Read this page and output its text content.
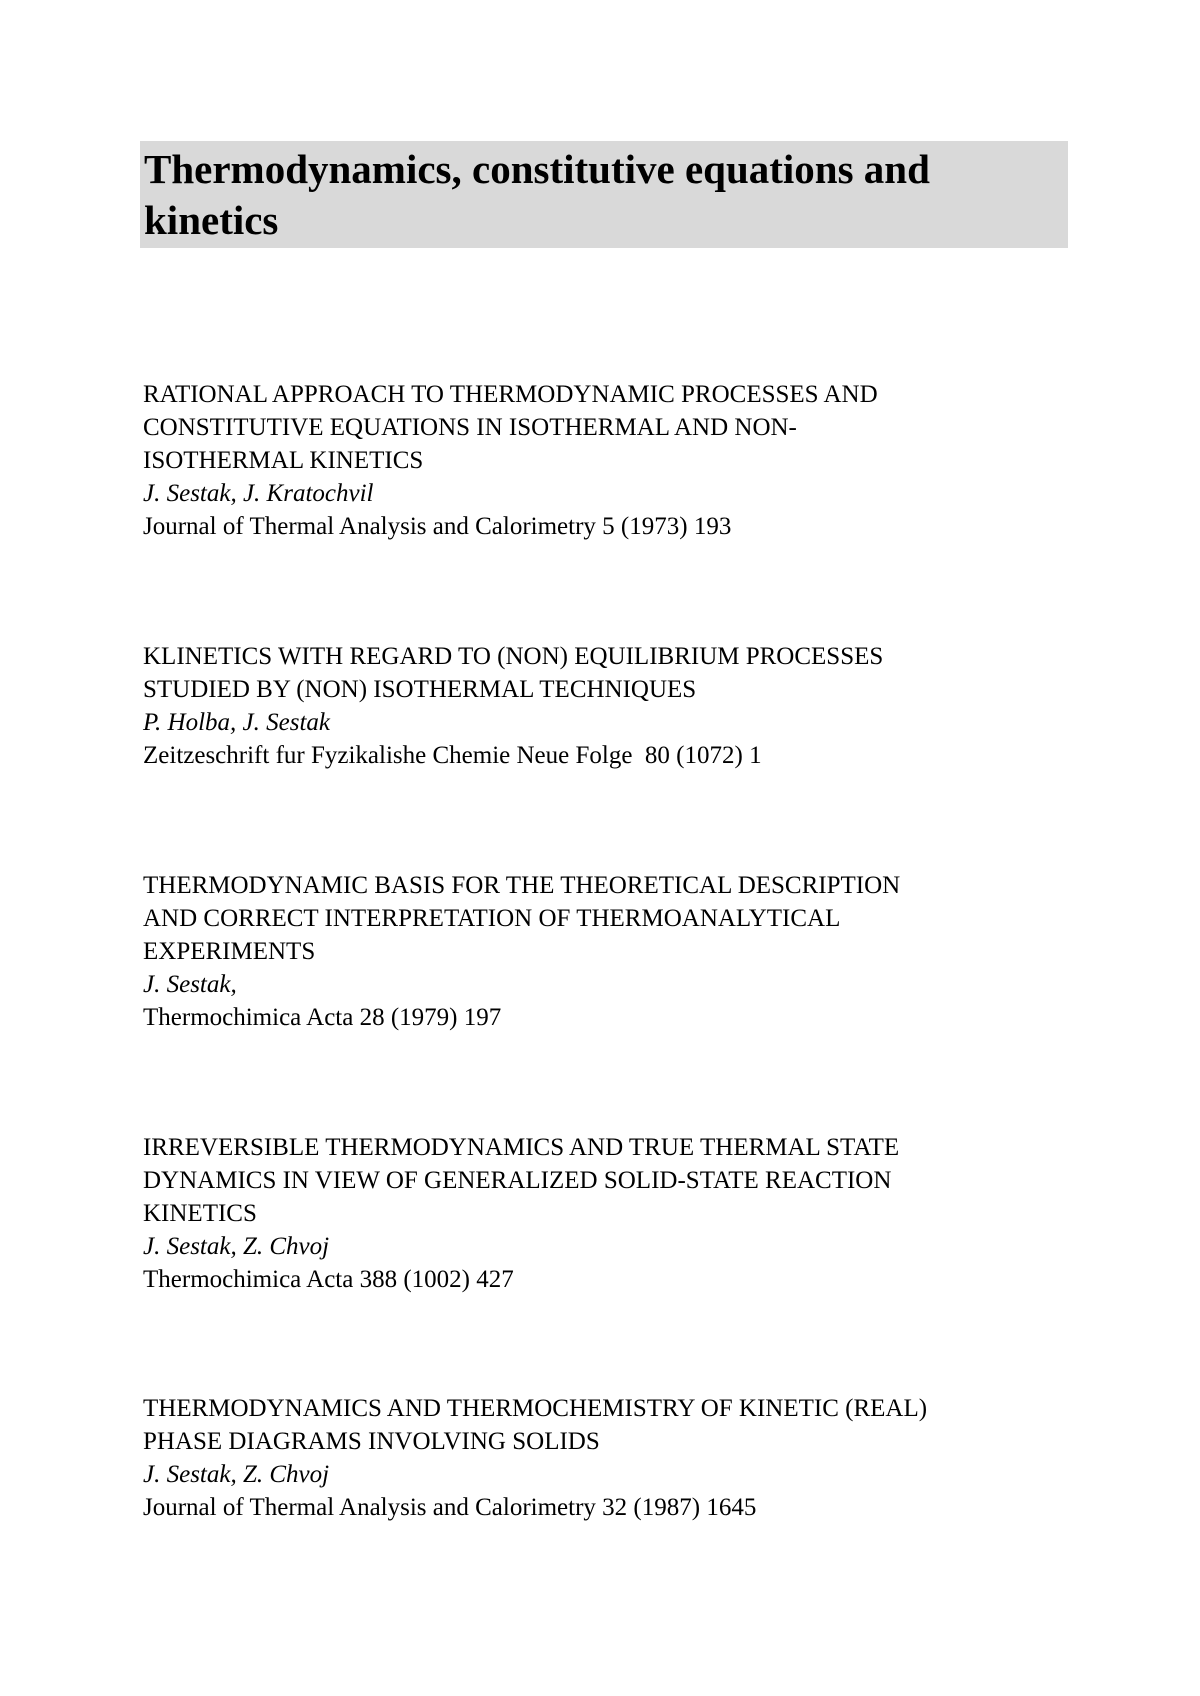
Thermodynamics, constitutive equations and kinetics
RATIONAL APPROACH TO THERMODYNAMIC PROCESSES AND
CONSTITUTIVE EQUATIONS IN ISOTHERMAL AND NON-
ISOTHERMAL KINETICS

J. Sestak, J. Kratochvil

Journal of Thermal Analysis and Calorimetry 5 (1973) 193

KLINETICS WITH REGARD TO (NON) EQUILIBRIUM PROCESSES
STUDIED BY (NON) ISOTHERMAL TECHNIQUES

P. Holba, J. Sestak

Zeitzeschrift fur Fyzikalishe Chemie Neue Folge  80 (1072) 1

THERMODYNAMIC BASIS FOR THE THEORETICAL DESCRIPTION
AND CORRECT INTERPRETATION OF THERMOANALYTICAL
EXPERIMENTS

J. Sestak,

Thermochimica Acta 28 (1979) 197

IRREVERSIBLE THERMODYNAMICS AND TRUE THERMAL STATE
DYNAMICS IN VIEW OF GENERALIZED SOLID-STATE REACTION
KINETICS

J. Sestak, Z. Chvoj

Thermochimica Acta 388 (1002) 427

THERMODYNAMICS AND THERMOCHEMISTRY OF KINETIC (REAL)
PHASE DIAGRAMS INVOLVING SOLIDS

J. Sestak, Z. Chvoj

Journal of Thermal Analysis and Calorimetry 32 (1987) 1645
